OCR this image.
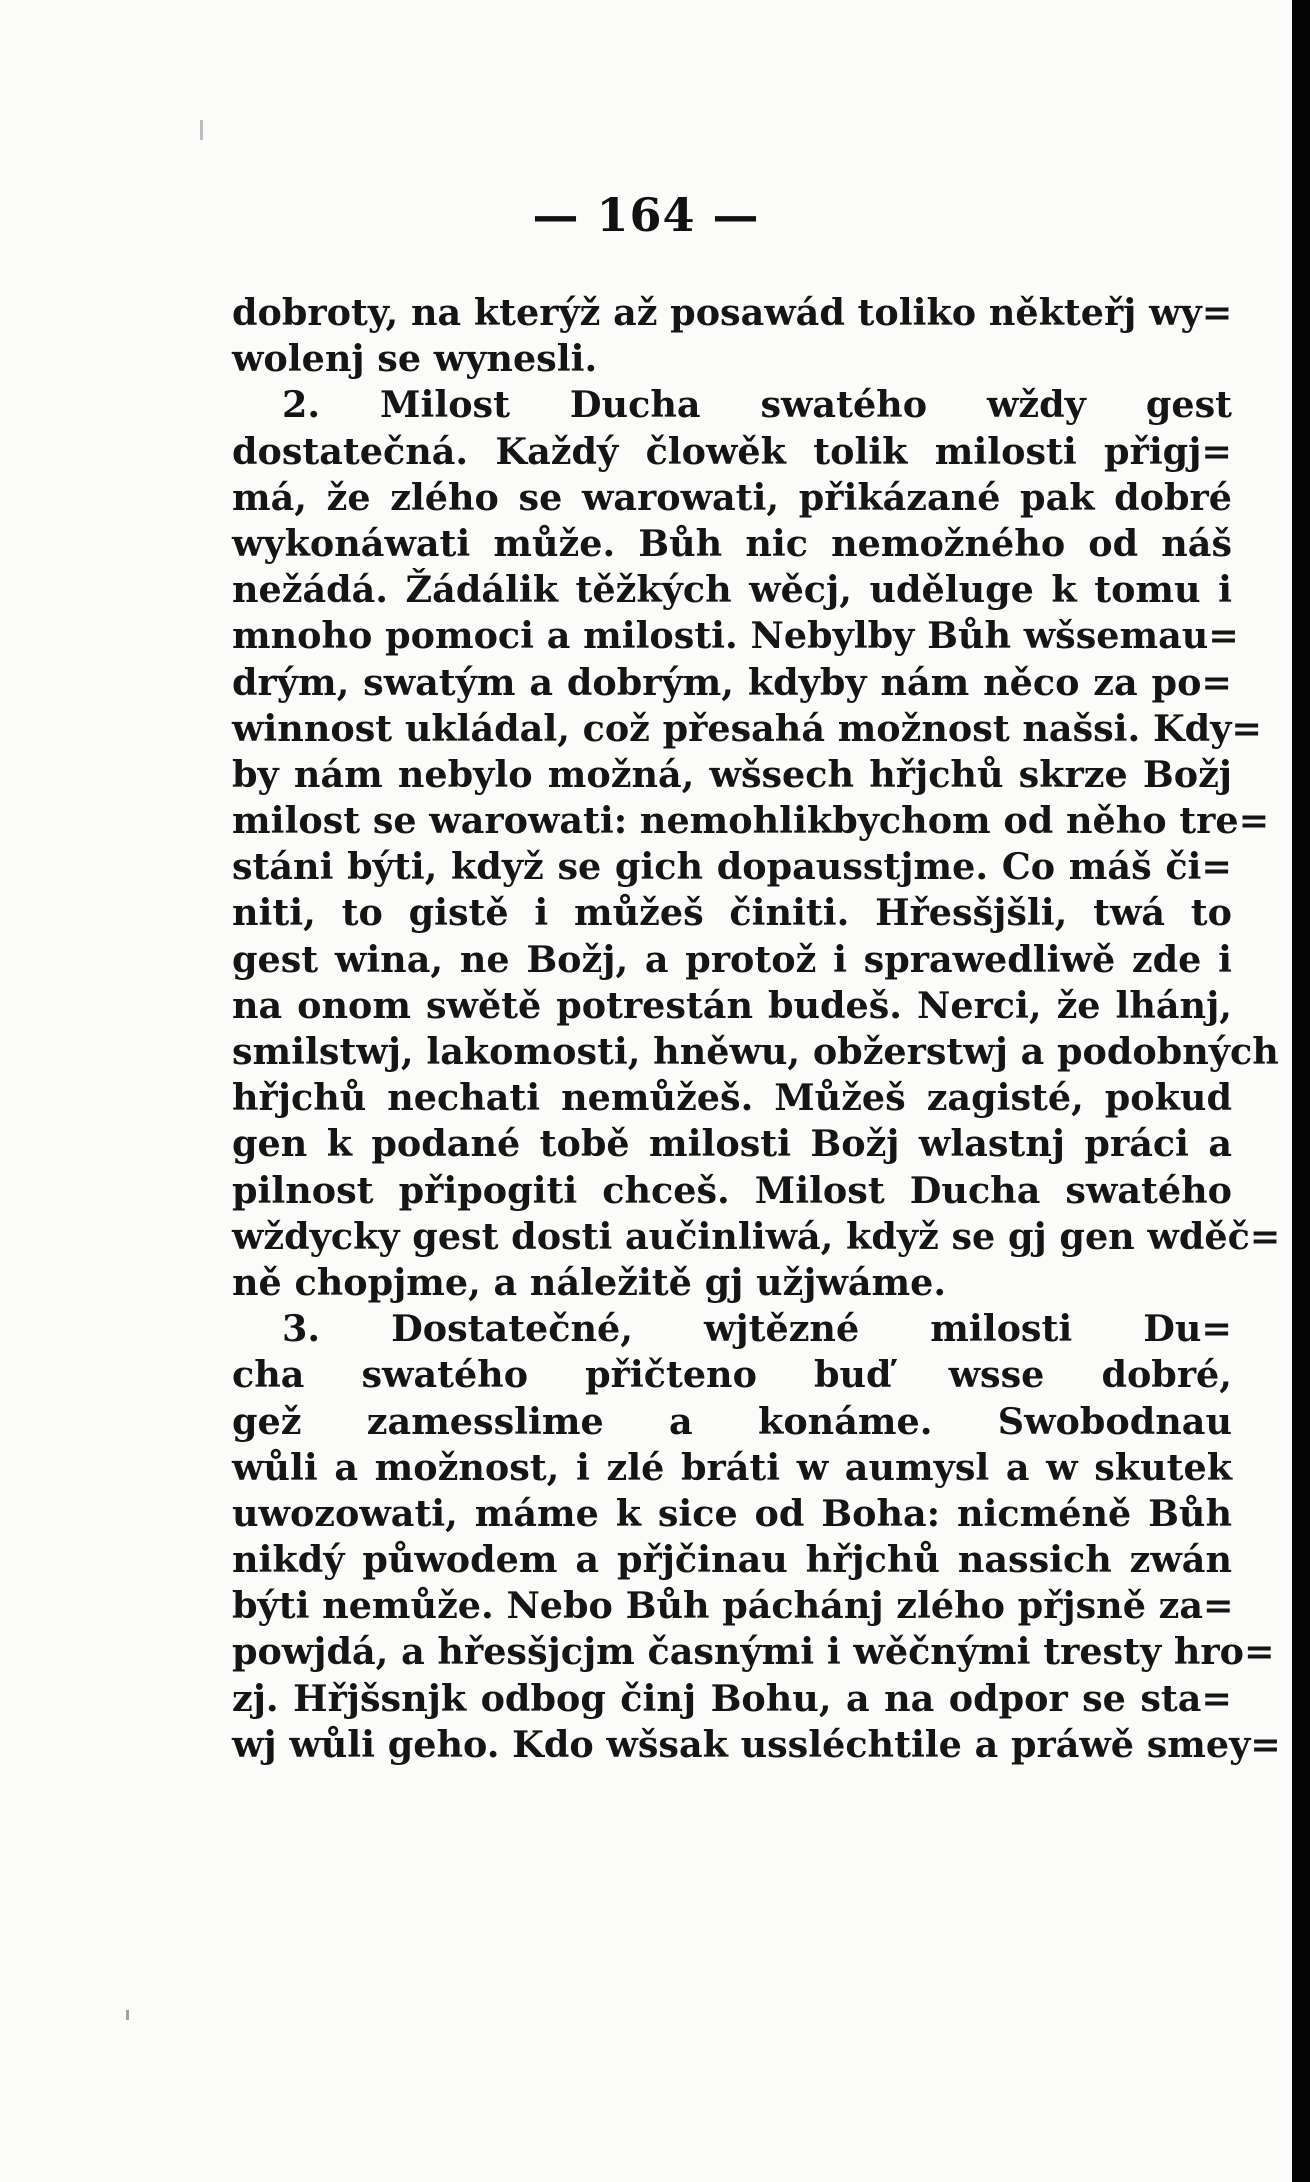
— 164 —
dobroty, na kterýž až posawád toliko někteřj wy=
wolenj se wynesli.
2. Milost Ducha swatého wždy gest
dostatečná. Každý člowěk tolik milosti přigj=
má, že zlého se warowati, přikázané pak dobré
wykonáwati může. Bůh nic nemožného od náš
nežádá. Žádálik těžkých wěcj, uděluge k tomu i
mnoho pomoci a milosti. Nebylby Bůh wšsemau=
drým, swatým a dobrým, kdyby nám něco za po=
winnost ukládal, což přesahá možnost našsi. Kdy=
by nám nebylo možná, wšsech hřjchů skrze Božj
milost se warowati: nemohlikbychom od něho tre=
stáni býti, když se gich dopausstjme. Co máš či=
niti, to gistě i můžeš činiti. Hřesšjšli, twá to
gest wina, ne Božj, a protož i sprawedliwě zde i
na onom swětě potrestán budeš. Nerci, že lhánj,
smilstwj, lakomosti, hněwu, obžerstwj a podobných
hřjchů nechati nemůžeš. Můžeš zagisté, pokud
gen k podané tobě milosti Božj wlastnj práci a
pilnost připogiti chceš. Milost Ducha swatého
wždycky gest dosti aučinliwá, když se gj gen wděč=
ně chopjme, a náležitě gj užjwáme.
3. Dostatečné, wjtězné milosti Du=
cha swatého přičteno buď wsse dobré,
gež zamesslime a konáme. Swobodnau
wůli a možnost, i zlé bráti w aumysl a w skutek
uwozowati, máme k sice od Boha: nicméně Bůh
nikdý půwodem a přjčinau hřjchů nassich zwán
býti nemůže. Nebo Bůh páchánj zlého přjsně za=
powjdá, a hřesšjcjm časnými i wěčnými tresty hro=
zj. Hřjšsnjk odbog činj Bohu, a na odpor se sta=
wj wůli geho. Kdo wšsak ussléchtile a práwě smey=
